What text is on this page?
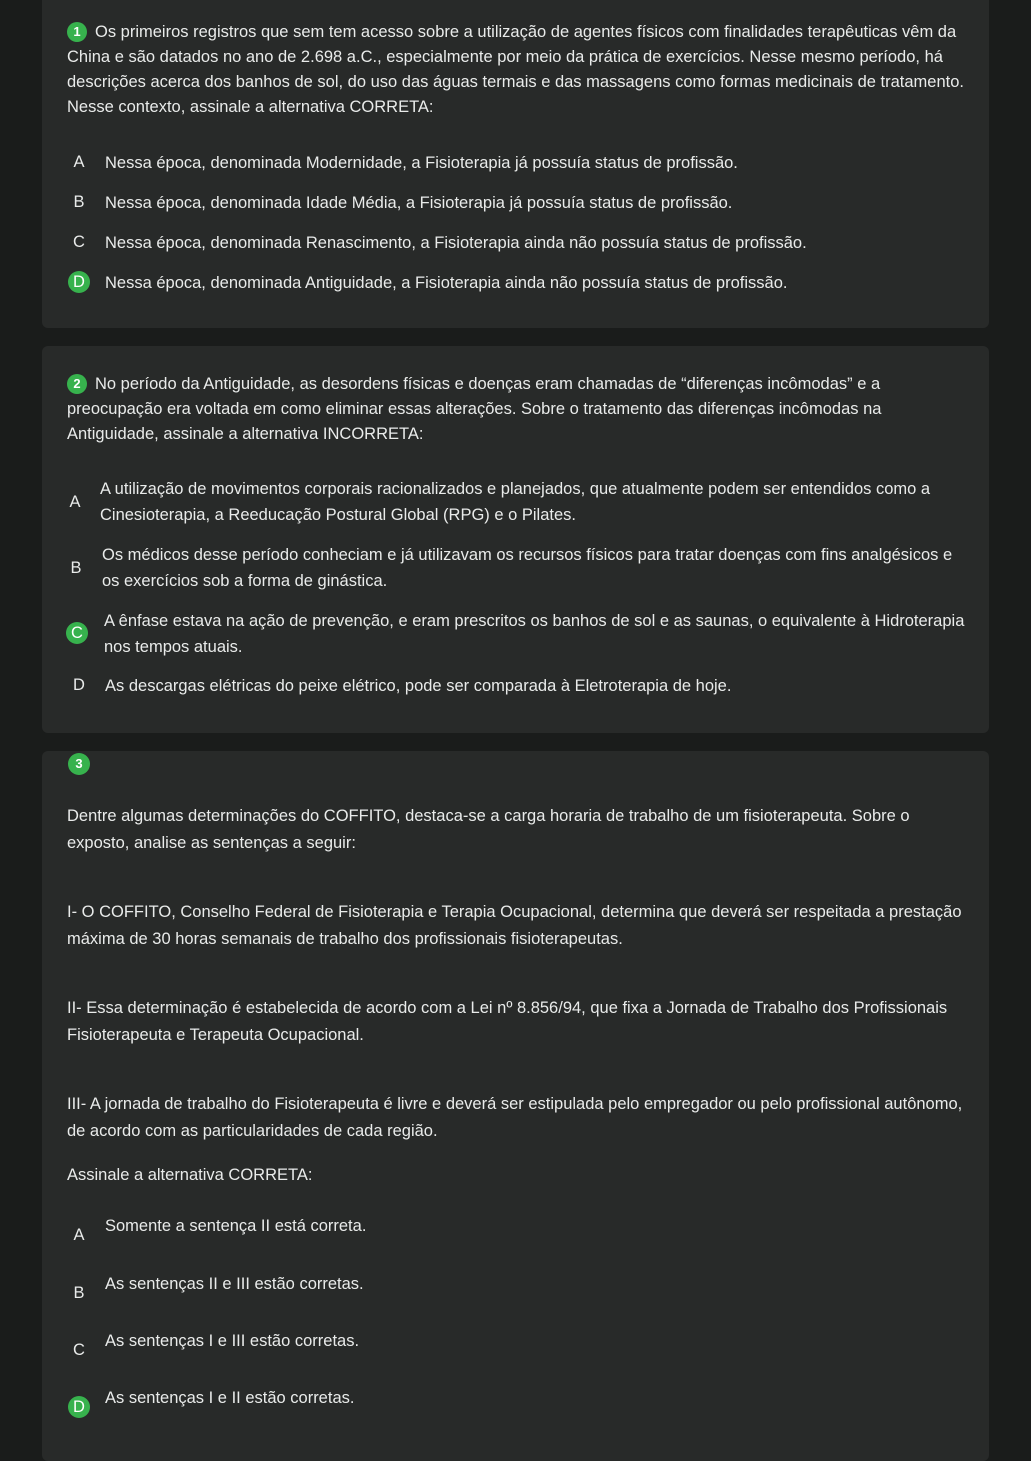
1 Os primeiros registros que sem tem acesso sobre a utilização de agentes físicos com finalidades terapêuticas vêm da China e são datados no ano de 2.698 a.C., especialmente por meio da prática de exercícios. Nesse mesmo período, há descrições acerca dos banhos de sol, do uso das águas termais e das massagens como formas medicinais de tratamento. Nesse contexto, assinale a alternativa CORRETA:

A	Nessa época, denominada Modernidade, a Fisioterapia já possuía status de profissão.
B	Nessa época, denominada Idade Média, a Fisioterapia já possuía status de profissão.
C	Nessa época, denominada Renascimento, a Fisioterapia ainda não possuía status de profissão.
D	Nessa época, denominada Antiguidade, a Fisioterapia ainda não possuía status de profissão.

2 No período da Antiguidade, as desordens físicas e doenças eram chamadas de “diferenças incômodas” e a preocupação era voltada em como eliminar essas alterações. Sobre o tratamento das diferenças incômodas na Antiguidade, assinale a alternativa INCORRETA:

A
A utilização de movimentos corporais racionalizados e planejados, que atualmente podem ser entendidos como a Cinesioterapia, a Reeducação Postural Global (RPG) e o Pilates.
B
Os médicos desse período conheciam e já utilizavam os recursos físicos para tratar doenças com fins analgésicos e os exercícios sob a forma de ginástica.
C
A ênfase estava na ação de prevenção, e eram prescritos os banhos de sol e as saunas, o equivalente à Hidroterapia nos tempos atuais.
D	As descargas elétricas do peixe elétrico, pode ser comparada à Eletroterapia de hoje.
3

Dentre algumas determinações do COFFITO, destaca-se a carga horaria de trabalho de um fisioterapeuta. Sobre o exposto, analise as sentenças a seguir:

I- O COFFITO, Conselho Federal de Fisioterapia e Terapia Ocupacional, determina que deverá ser respeitada a prestação máxima de 30 horas semanais de trabalho dos profissionais fisioterapeutas.

II- Essa determinação é estabelecida de acordo com a Lei nº 8.856/94, que fixa a Jornada de Trabalho dos Profissionais Fisioterapeuta e Terapeuta Ocupacional.

III- A jornada de trabalho do Fisioterapeuta é livre e deverá ser estipulada pelo empregador ou pelo profissional autônomo, de acordo com as particularidades de cada região.

Assinale a alternativa CORRETA:

A	Somente a sentença II está correta.
B	As sentenças II e III estão corretas.
C	As sentenças I e III estão corretas.
D	As sentenças I e II estão corretas.
